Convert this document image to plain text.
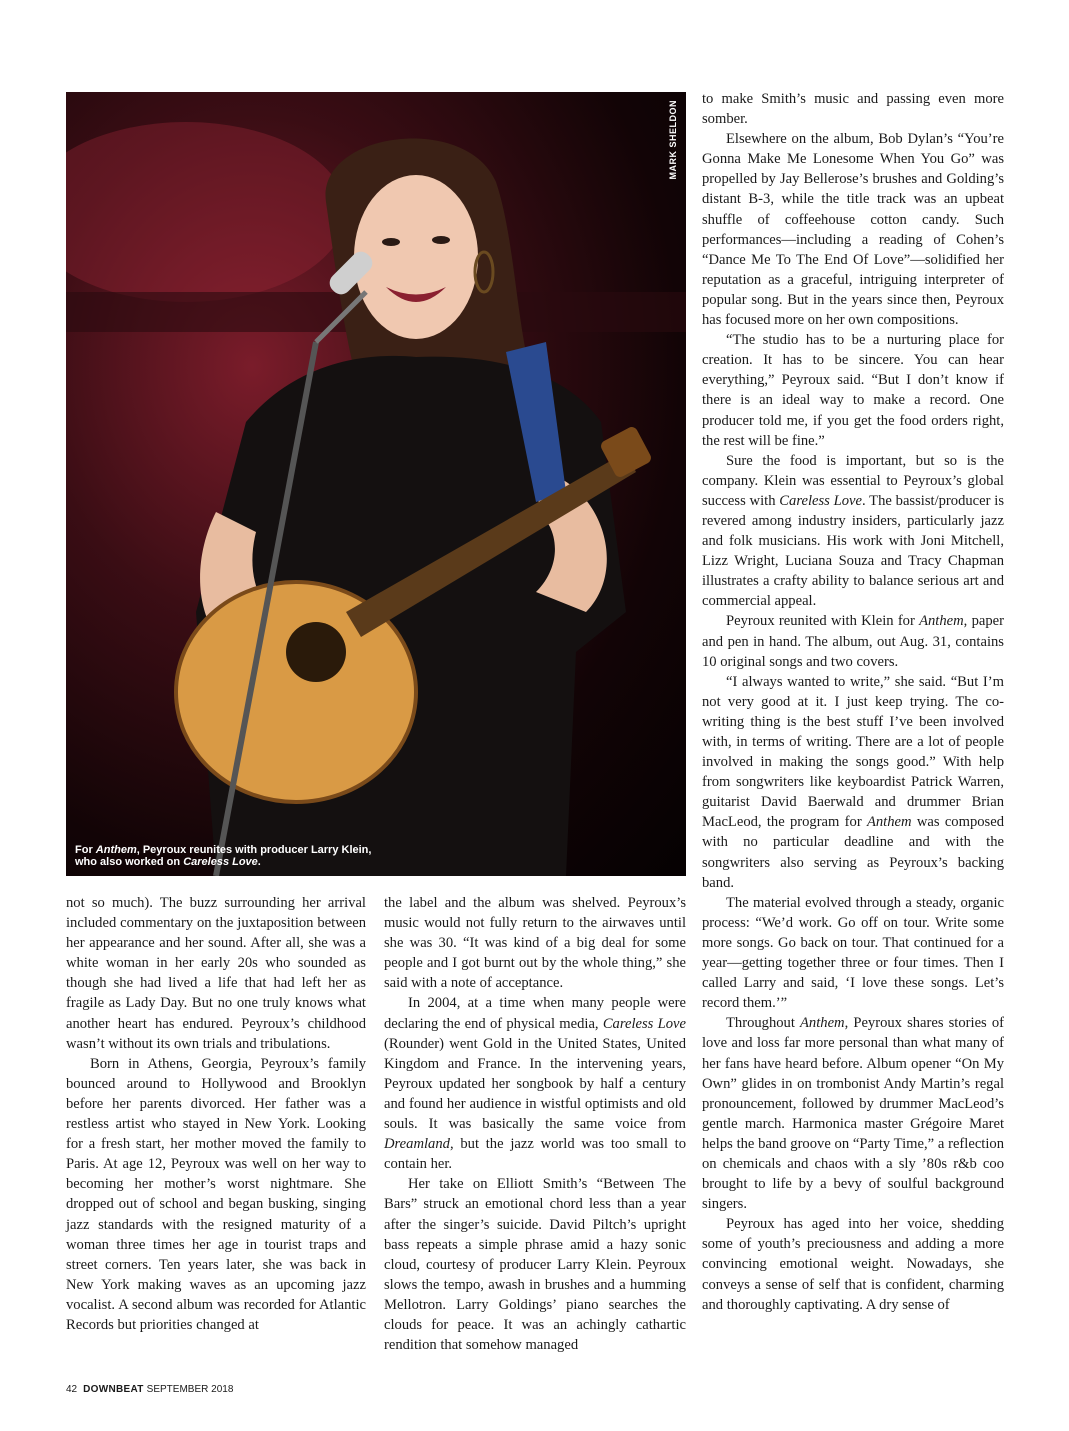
MARK SHELDON
For Anthem, Peyroux reunites with producer Larry Klein, who also worked on Careless Love.

not so much). The buzz surrounding her arrival included commentary on the juxtaposition between her appearance and her sound. After all, she was a white woman in her early 20s who sounded as though she had lived a life that had left her as fragile as Lady Day. But no one truly knows what another heart has endured. Peyroux’s childhood wasn’t without its own trials and tribulations.

Born in Athens, Georgia, Peyroux’s family bounced around to Hollywood and Brooklyn before her parents divorced. Her father was a restless artist who stayed in New York. Looking for a fresh start, her mother moved the family to Paris. At age 12, Peyroux was well on her way to becoming her mother’s worst nightmare. She dropped out of school and began busking, singing jazz standards with the resigned maturity of a woman three times her age in tourist traps and street corners. Ten years later, she was back in New York making waves as an upcoming jazz vocalist. A second album was recorded for Atlantic Records but priorities changed at

the label and the album was shelved. Peyroux’s music would not fully return to the airwaves until she was 30. “It was kind of a big deal for some people and I got burnt out by the whole thing,” she said with a note of acceptance.

In 2004, at a time when many people were declaring the end of physical media, Careless Love (Rounder) went Gold in the United States, United Kingdom and France. In the intervening years, Peyroux updated her songbook by half a century and found her audience in wistful optimists and old souls. It was basically the same voice from Dreamland, but the jazz world was too small to contain her.

Her take on Elliott Smith’s “Between The Bars” struck an emotional chord less than a year after the singer’s suicide. David Piltch’s upright bass repeats a simple phrase amid a hazy sonic cloud, courtesy of producer Larry Klein. Peyroux slows the tempo, awash in brushes and a humming Mellotron. Larry Goldings’ piano searches the clouds for peace. It was an achingly cathartic rendition that somehow managed

to make Smith’s music and passing even more somber.

Elsewhere on the album, Bob Dylan’s “You’re Gonna Make Me Lonesome When You Go” was propelled by Jay Bellerose’s brushes and Golding’s distant B-3, while the title track was an upbeat shuffle of coffeehouse cotton candy. Such performances—including a reading of Cohen’s “Dance Me To The End Of Love”—solidified her reputation as a graceful, intriguing interpreter of popular song. But in the years since then, Peyroux has focused more on her own compositions.

“The studio has to be a nurturing place for creation. It has to be sincere. You can hear everything,” Peyroux said. “But I don’t know if there is an ideal way to make a record. One producer told me, if you get the food orders right, the rest will be fine.”

Sure the food is important, but so is the company. Klein was essential to Peyroux’s global success with Careless Love. The bassist/producer is revered among industry insiders, particularly jazz and folk musicians. His work with Joni Mitchell, Lizz Wright, Luciana Souza and Tracy Chapman illustrates a crafty ability to balance serious art and commercial appeal.

Peyroux reunited with Klein for Anthem, paper and pen in hand. The album, out Aug. 31, contains 10 original songs and two covers.

“I always wanted to write,” she said. “But I’m not very good at it. I just keep trying. The co-writing thing is the best stuff I’ve been involved with, in terms of writing. There are a lot of people involved in making the songs good.” With help from songwriters like keyboardist Patrick Warren, guitarist David Baerwald and drummer Brian MacLeod, the program for Anthem was composed with no particular deadline and with the songwriters also serving as Peyroux’s backing band.

The material evolved through a steady, organic process: “We’d work. Go off on tour. Write some more songs. Go back on tour. That continued for a year—getting together three or four times. Then I called Larry and said, ‘I love these songs. Let’s record them.’”

Throughout Anthem, Peyroux shares stories of love and loss far more personal than what many of her fans have heard before. Album opener “On My Own” glides in on trombonist Andy Martin’s regal pronouncement, followed by drummer MacLeod’s gentle march. Harmonica master Grégoire Maret helps the band groove on “Party Time,” a reflection on chemicals and chaos with a sly ’80s r&b coo brought to life by a bevy of soulful background singers.

Peyroux has aged into her voice, shedding some of youth’s preciousness and adding a more convincing emotional weight. Nowadays, she conveys a sense of self that is confident, charming and thoroughly captivating. A dry sense of

42 DOWNBEAT SEPTEMBER 2018
